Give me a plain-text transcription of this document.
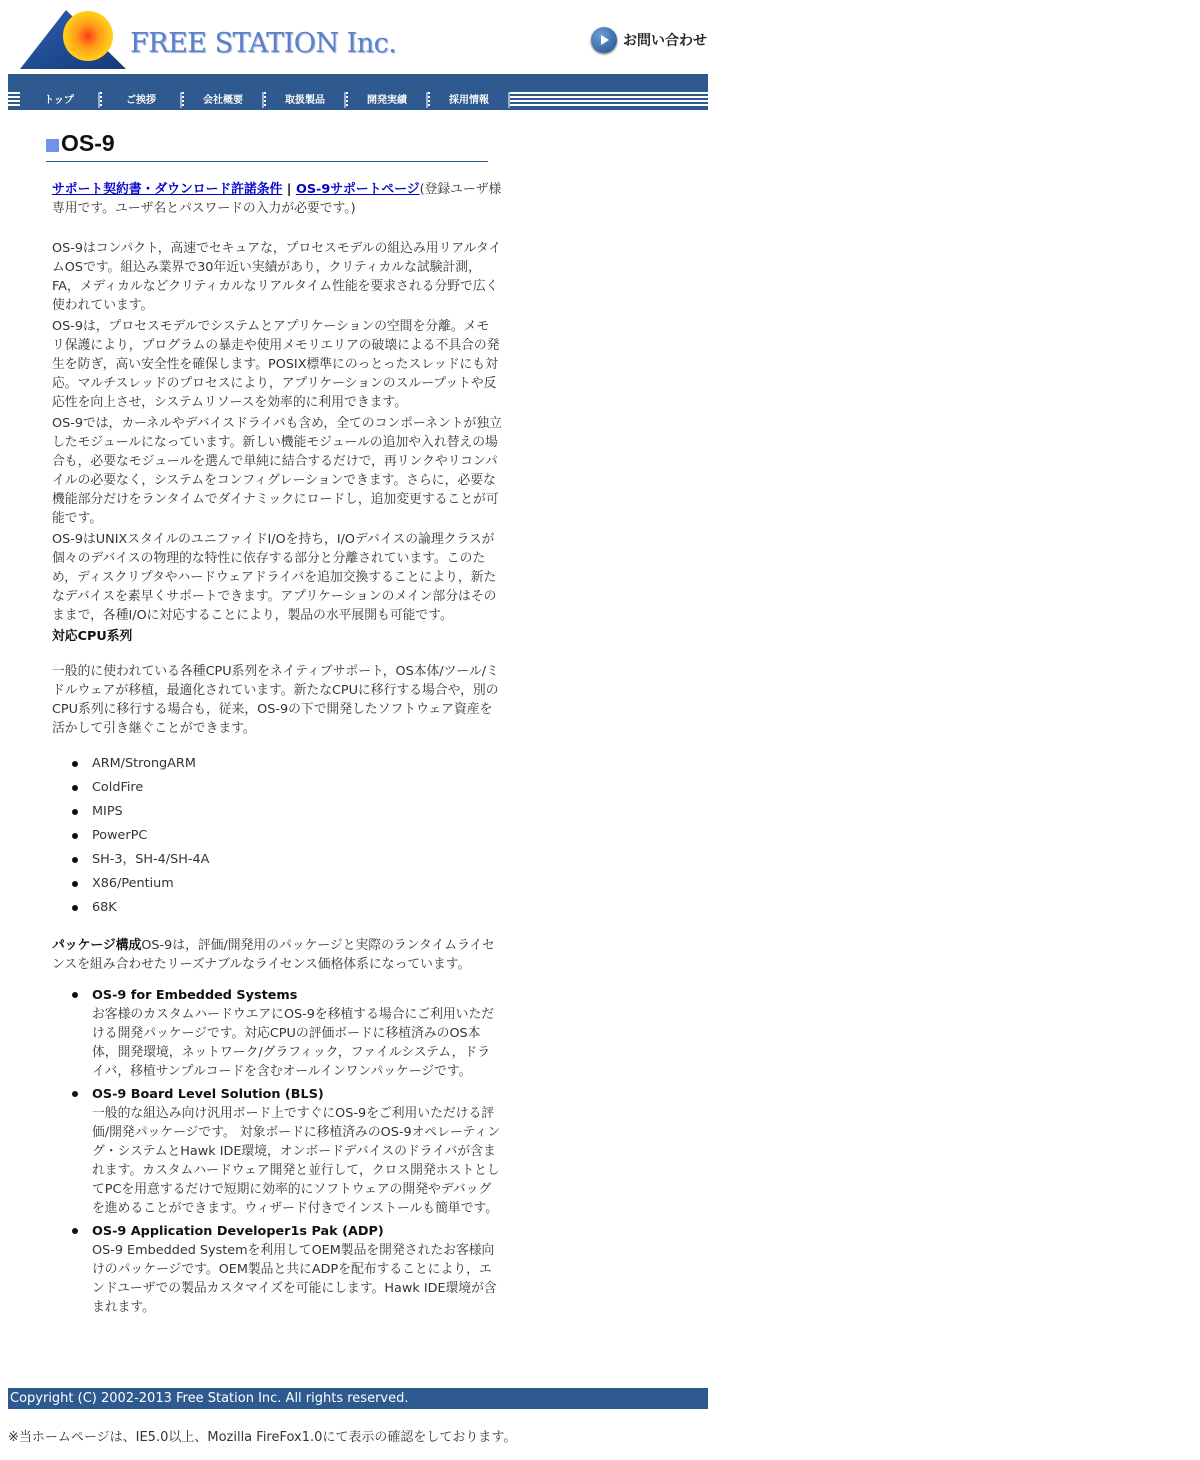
FREE STATION Inc.	お問い合わせ
トップ	ご挨拶	会社概要	取扱製品	開発実績	採用情報
OS-9

サポート契約書・ダウンロード許諾条件 | OS-9サポートページ(登録ユーザ様専用です。ユーザ名とパスワードの入力が必要です。)

OS-9はコンパクト，高速でセキュアな，プロセスモデルの組込み用リアルタイムOSです。組込み業界で30年近い実績があり，クリティカルな試験計測，FA，メディカルなどクリティカルなリアルタイム性能を要求される分野で広く使われています。

OS-9は，プロセスモデルでシステムとアプリケーションの空間を分離。メモリ保護により，プログラムの暴走や使用メモリエリアの破壊による不具合の発生を防ぎ，高い安全性を確保します。POSIX標準にのっとったスレッドにも対応。マルチスレッドのプロセスにより，アプリケーションのスループットや反応性を向上させ，システムリソースを効率的に利用できます。

OS-9では，カーネルやデバイスドライバも含め，全てのコンポーネントが独立したモジュールになっています。新しい機能モジュールの追加や入れ替えの場合も，必要なモジュールを選んで単純に結合するだけで，再リンクやリコンパイルの必要なく，システムをコンフィグレーションできます。さらに，必要な機能部分だけをランタイムでダイナミックにロードし，追加変更することが可能です。

OS-9はUNIXスタイルのユニファイドI/Oを持ち，I/Oデバイスの論理クラスが個々のデバイスの物理的な特性に依存する部分と分離されています。このため，ディスクリプタやハードウェアドライバを追加交換することにより，新たなデバイスを素早くサポートできます。アプリケーションのメイン部分はそのままで，各種I/Oに対応することにより，製品の水平展開も可能です。

対応CPU系列

一般的に使われている各種CPU系列をネイティブサポート，OS本体/ツール/ミドルウェアが移植，最適化されています。新たなCPUに移行する場合や，別のCPU系列に移行する場合も，従来，OS-9の下で開発したソフトウェア資産を活かして引き継ぐことができます。

ARM/StrongARM
ColdFire
MIPS
PowerPC
SH-3，SH-4/SH-4A
X86/Pentium
68K

パッケージ構成OS-9は，評価/開発用のパッケージと実際のランタイムライセンスを組み合わせたリーズナブルなライセンス価格体系になっています。

OS-9 for Embedded Systems
お客様のカスタムハードウエアにOS-9を移植する場合にご利用いただける開発パッケージです。対応CPUの評価ボードに移植済みのOS本体，開発環境，ネットワーク/グラフィック，ファイルシステム，ドライバ，移植サンプルコードを含むオールインワンパッケージです。
OS-9 Board Level Solution (BLS)
一般的な組込み向け汎用ボード上ですぐにOS-9をご利用いただける評価/開発パッケージです。 対象ボードに移植済みのOS-9オペレーティング・システムとHawk IDE環境，オンボードデバイスのドライバが含まれます。カスタムハードウェア開発と並行して，クロス開発ホストとしてPCを用意するだけで短期に効率的にソフトウェアの開発やデバッグを進めることができます。ウィザード付きでインストールも簡単です。
OS-9 Application Developer1s Pak (ADP)
OS-9 Embedded Systemを利用してOEM製品を開発されたお客様向けのパッケージです。OEM製品と共にADPを配布することにより，エンドユーザでの製品カスタマイズを可能にします。Hawk IDE環境が含まれます。
Copyright (C) 2002-2013 Free Station Inc. All rights reserved.
※当ホームページは、IE5.0以上、Mozilla FireFox1.0にて表示の確認をしております。
